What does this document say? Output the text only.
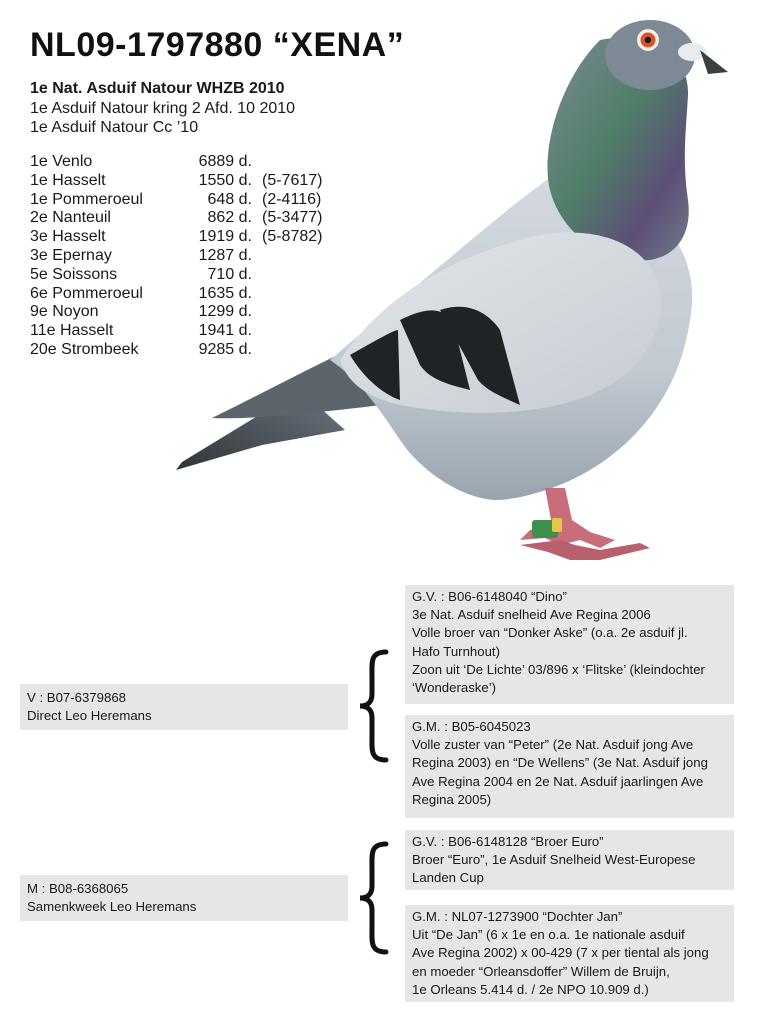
NL09-1797880 “XENA”
1e Nat. Asduif Natour WHZB 2010
1e Asduif Natour kring 2 Afd. 10 2010
1e Asduif Natour Cc ’10
1e Venlo	6889 d.	
1e Hasselt	1550 d.	(5-7617)
1e Pommeroeul	648 d.	(2-4116)
2e Nanteuil	862 d.	(5-3477)
3e Hasselt	1919 d.	(5-8782)
3e Epernay	1287 d.	
5e Soissons	710 d.	
6e Pommeroeul	1635 d.	
9e Noyon	1299 d.	
11e Hasselt	1941 d.	
20e Strombeek	9285 d.	
V : B07-6379868
Direct Leo Heremans
M : B08-6368065
Samenkweek Leo Heremans
G.V. : B06-6148040 “Dino”
3e Nat. Asduif snelheid Ave Regina 2006
Volle broer van “Donker Aske” (o.a. 2e asduif jl.
Hafo Turnhout)
Zoon uit ‘De Lichte’ 03/896 x ‘Flitske’ (kleindochter
‘Wonderaske’)
G.M. : B05-6045023
Volle zuster van “Peter” (2e Nat. Asduif jong Ave
Regina 2003) en “De Wellens” (3e Nat. Asduif jong
Ave Regina 2004 en 2e Nat. Asduif jaarlingen Ave
Regina 2005)
G.V. : B06-6148128 “Broer Euro”
Broer “Euro”, 1e Asduif Snelheid West-Europese
Landen Cup
G.M. : NL07-1273900 “Dochter Jan”
Uit “De Jan” (6 x 1e en o.a. 1e nationale asduif
Ave Regina 2002) x 00-429 (7 x per tiental als jong
en moeder “Orleansdoffer” Willem de Bruijn,
1e Orleans 5.414 d. / 2e NPO 10.909 d.)
